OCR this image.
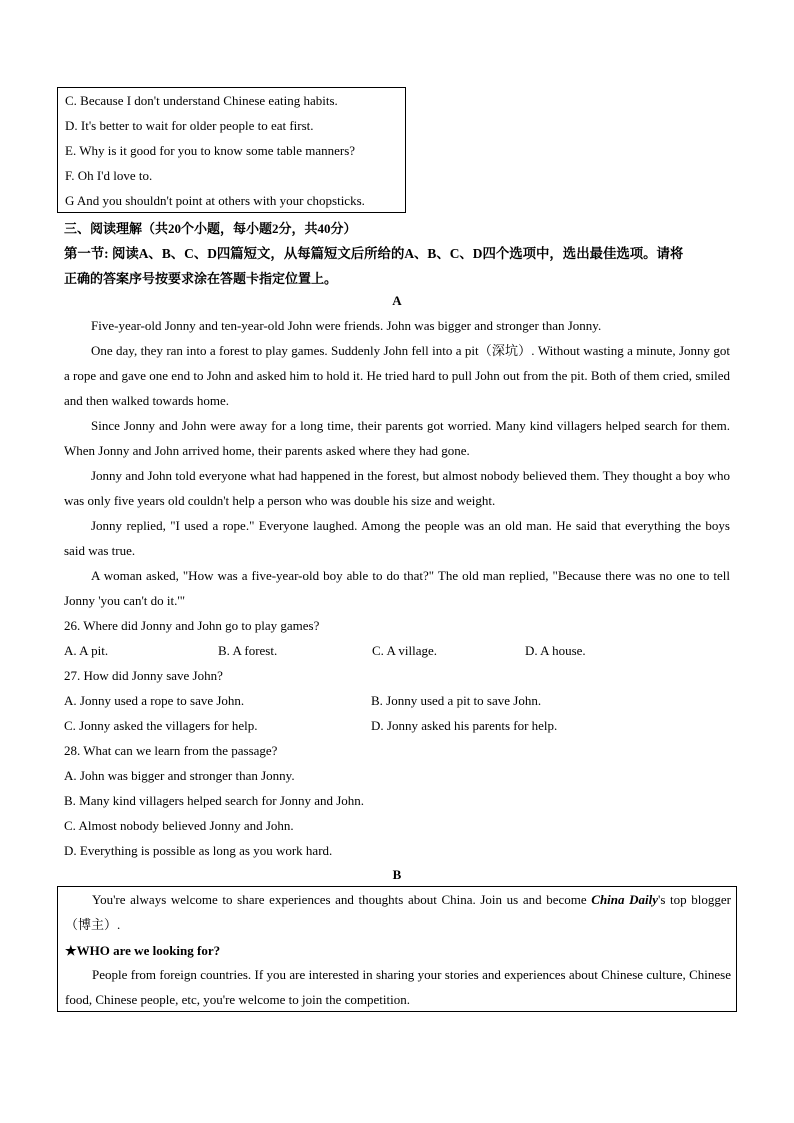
C. Because I don't understand Chinese eating habits.
D. It's better to wait for older people to eat first.
E. Why is it good for you to know some table manners?
F. Oh I'd love to.
G And you shouldn't point at others with your chopsticks.
三、阅读理解（共20个小题，每小题2分，共40分）
第一节: 阅读A、B、C、D四篇短文，从每篇短文后所给的A、B、C、D四个选项中，选出最佳选项。请将
正确的答案序号按要求涂在答题卡指定位置上。
A
Five-year-old Jonny and ten-year-old John were friends. John was bigger and stronger than Jonny.
One day, they ran into a forest to play games. Suddenly John fell into a pit（深坑）. Without wasting a minute, Jonny got a rope and gave one end to John and asked him to hold it. He tried hard to pull John out from the pit. Both of them cried, smiled and then walked towards home.
Since Jonny and John were away for a long time, their parents got worried. Many kind villagers helped search for them. When Jonny and John arrived home, their parents asked where they had gone.
Jonny and John told everyone what had happened in the forest, but almost nobody believed them. They thought a boy who was only five years old couldn't help a person who was double his size and weight.
Jonny replied, "I used a rope." Everyone laughed. Among the people was an old man. He said that everything the boys said was true.
A woman asked, "How was a five-year-old boy able to do that?" The old man replied, "Because there was no one to tell Jonny 'you can't do it.'"
26. Where did Jonny and John go to play games?
A. A pit.	B. A forest.	C. A village.	D. A house.
27. How did Jonny save John?
A. Jonny used a rope to save John.	B. Jonny used a pit to save John.
C. Jonny asked the villagers for help.	D. Jonny asked his parents for help.
28. What can we learn from the passage?
A. John was bigger and stronger than Jonny.
B. Many kind villagers helped search for Jonny and John.
C. Almost nobody believed Jonny and John.
D. Everything is possible as long as you work hard.
B
You're always welcome to share experiences and thoughts about China. Join us and become China Daily's top blogger（博主）.
★WHO are we looking for?
People from foreign countries. If you are interested in sharing your stories and experiences about Chinese culture, Chinese food, Chinese people, etc, you're welcome to join the competition.
